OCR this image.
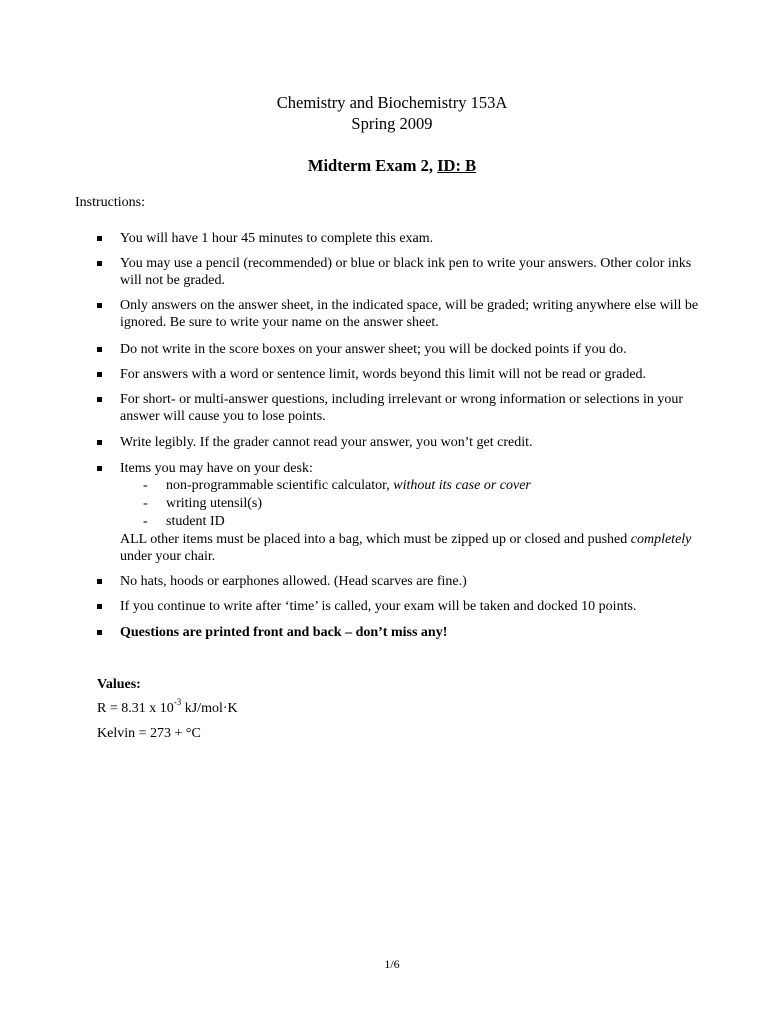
Chemistry and Biochemistry 153A
Spring 2009
Midterm Exam 2, ID: B
Instructions:
You will have 1 hour 45 minutes to complete this exam.
You may use a pencil (recommended) or blue or black ink pen to write your answers. Other color inks will not be graded.
Only answers on the answer sheet, in the indicated space, will be graded; writing anywhere else will be ignored. Be sure to write your name on the answer sheet.
Do not write in the score boxes on your answer sheet; you will be docked points if you do.
For answers with a word or sentence limit, words beyond this limit will not be read or graded.
For short- or multi-answer questions, including irrelevant or wrong information or selections in your answer will cause you to lose points.
Write legibly. If the grader cannot read your answer, you won’t get credit.
Items you may have on your desk:
- non-programmable scientific calculator, without its case or cover
- writing utensil(s)
- student ID
ALL other items must be placed into a bag, which must be zipped up or closed and pushed completely under your chair.
No hats, hoods or earphones allowed. (Head scarves are fine.)
If you continue to write after ‘time’ is called, your exam will be taken and docked 10 points.
Questions are printed front and back – don’t miss any!
Values:
R = 8.31 x $10^{-3}$ kJ/mol·K
Kelvin = 273 + °C
1/6
